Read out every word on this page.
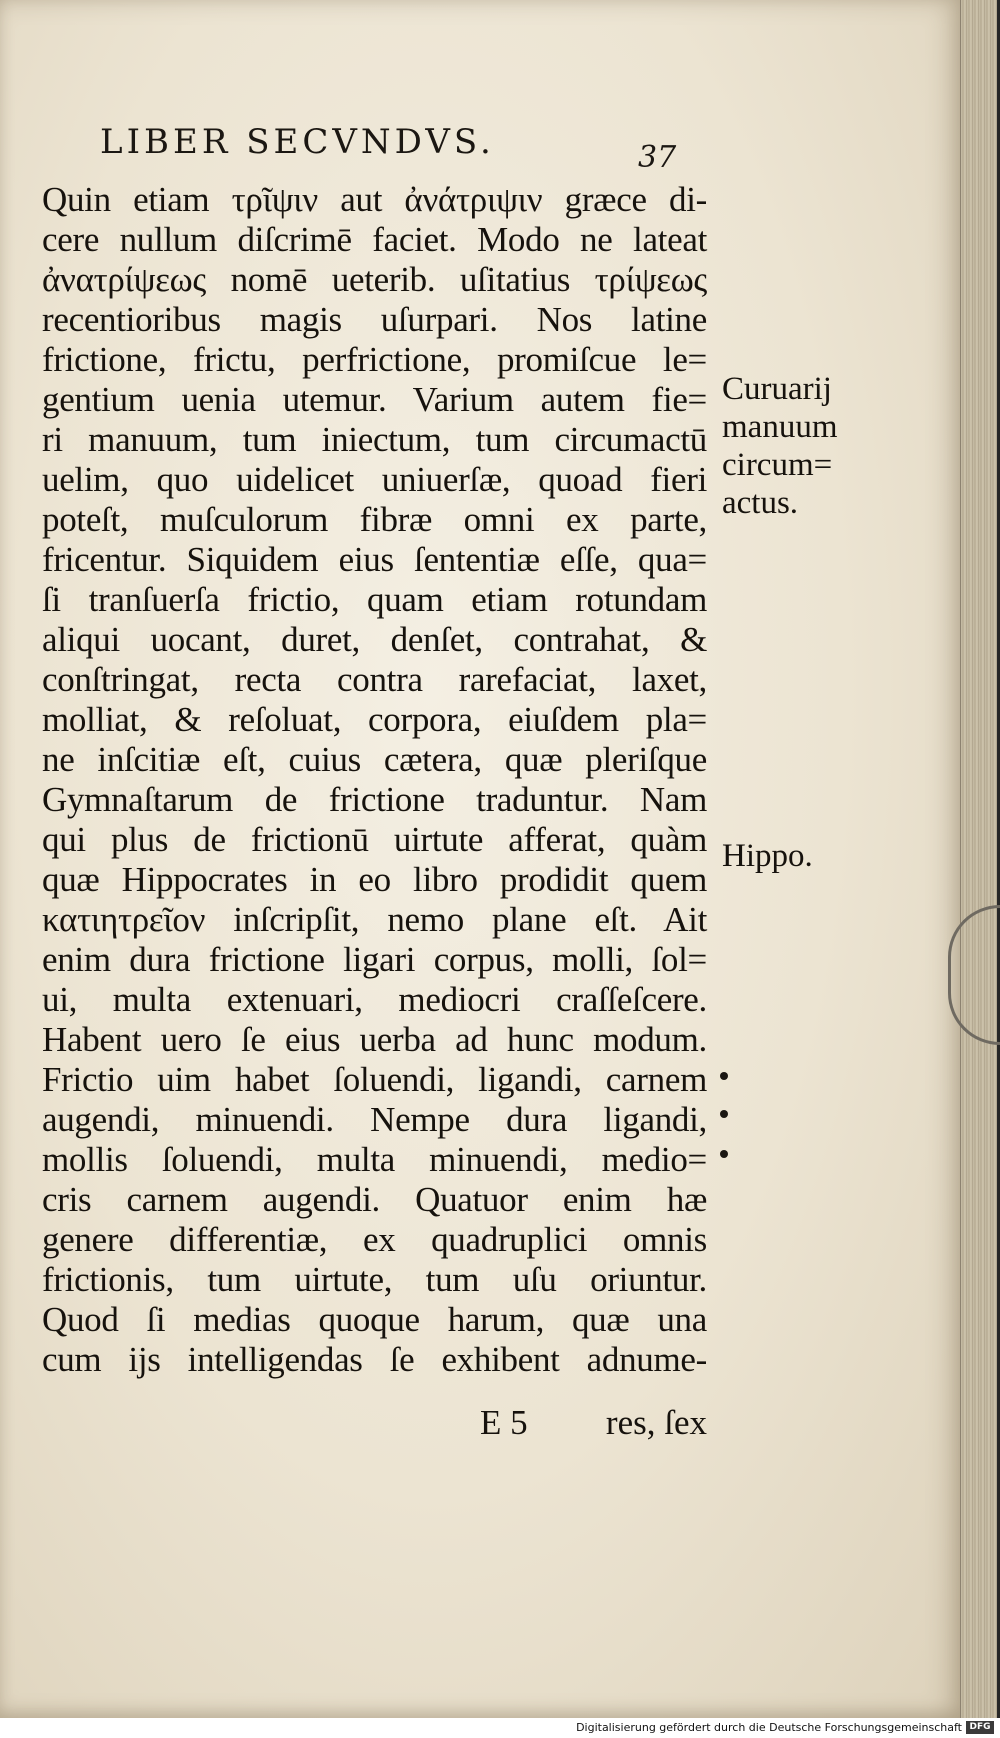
LIBER SECVNDVS.	37
Quin etiam τρῖψιν aut ἀνάτριψιν græce di-
cere nullum diſcrimē faciet. Modo ne lateat
ἀνατρίψεως nomē ueterib. uſitatius τρίψεως
recentioribus magis uſurpari. Nos latine
frictione, frictu, perfrictione, promiſcue le=
gentium uenia utemur. Varium autem fie=
ri manuum, tum iniectum, tum circumactū
uelim, quo uidelicet uniuerſæ, quoad fieri
poteſt, muſculorum fibræ omni ex parte,
fricentur. Siquidem eius ſententiæ eſſe, qua=
ſi tranſuerſa frictio, quam etiam rotundam
aliqui uocant, duret, denſet, contrahat, &
conſtringat, recta contra rarefaciat, laxet,
molliat, & reſoluat, corpora, eiuſdem pla=
ne inſcitiæ eſt, cuius cætera, quæ pleriſque
Gymnaſtarum de frictione traduntur. Nam
qui plus de frictionū uirtute afferat, quàm
quæ Hippocrates in eo libro prodidit quem
κατιητρεῖον inſcripſit, nemo plane eſt. Ait
enim dura frictione ligari corpus, molli, ſol=
ui, multa extenuari, mediocri craſſeſcere.
Habent uero ſe eius uerba ad hunc modum.
Frictio uim habet ſoluendi, ligandi, carnem
augendi, minuendi. Nempe dura ligandi,
mollis ſoluendi, multa minuendi, medio=
cris carnem augendi. Quatuor enim hæ
genere differentiæ, ex quadruplici omnis
frictionis, tum uirtute, tum uſu oriuntur.
Quod ſi medias quoque harum, quæ una
cum ijs intelligendas ſe exhibent adnume-
E 5 res, ſex
Curuarij
manuum
circum=
actus.
Hippo.
Digitalisierung gefördert durch die Deutsche Forschungsgemeinschaft DFG
